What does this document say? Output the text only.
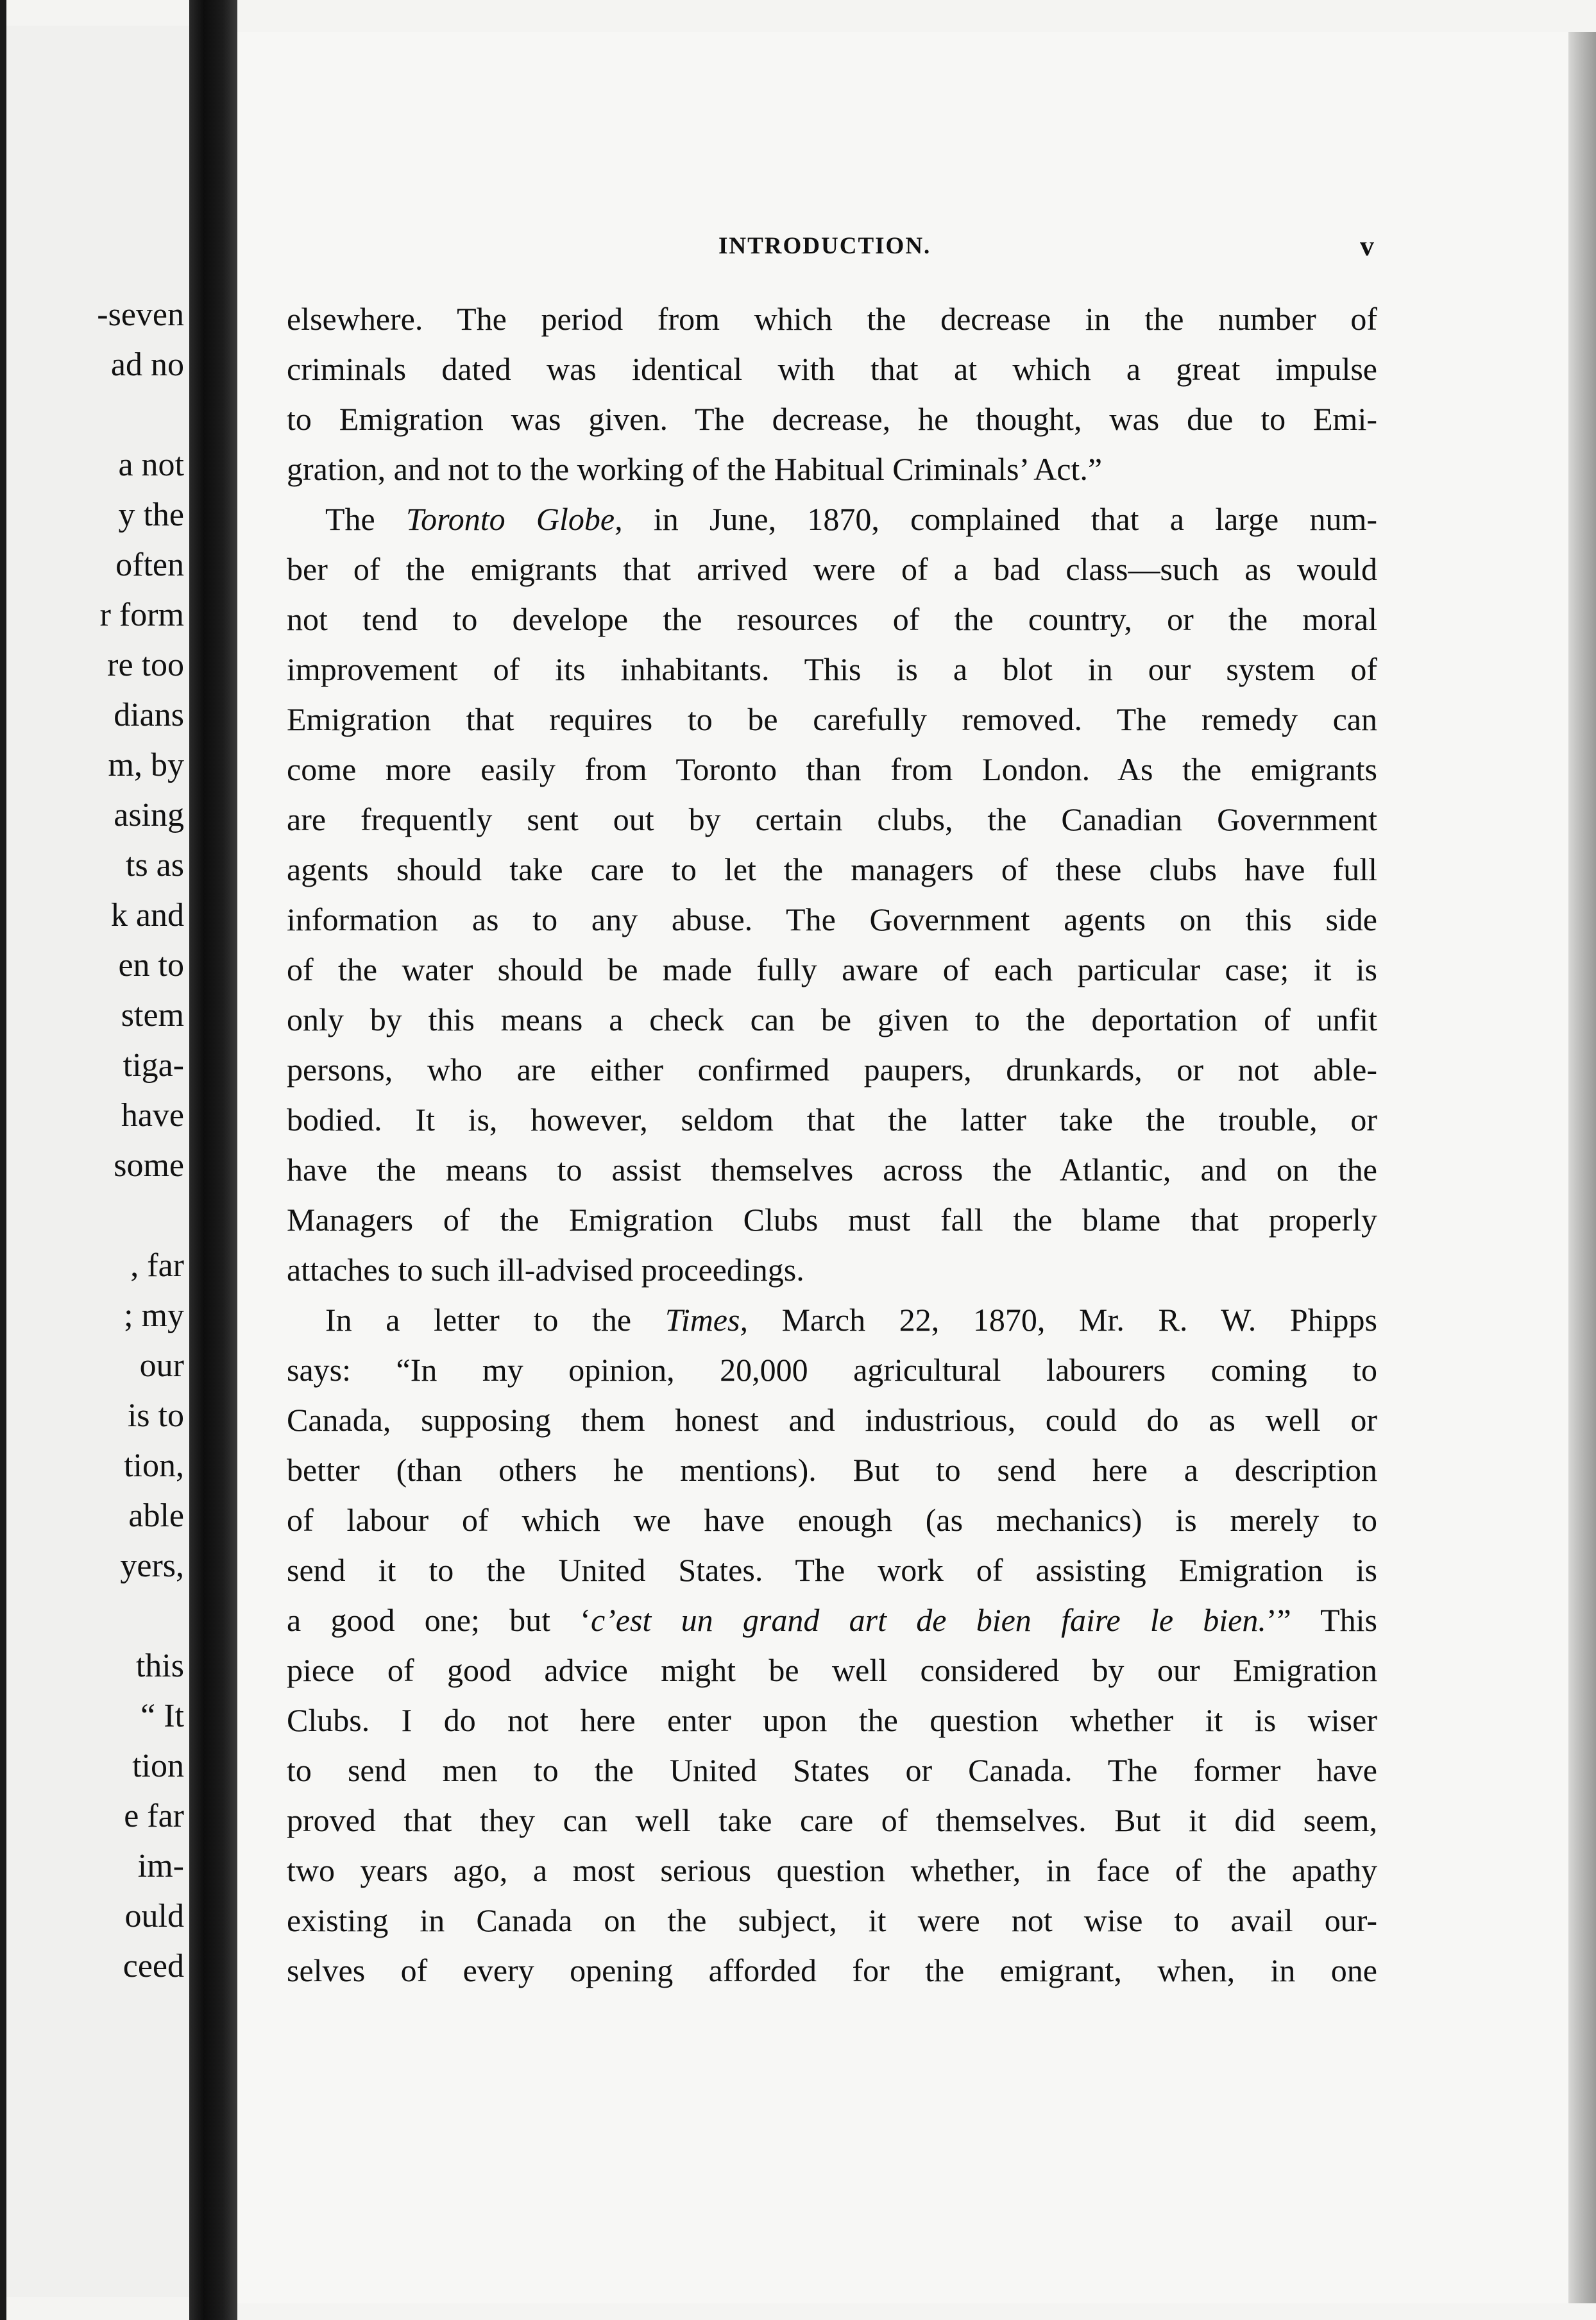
-seven
ad no
a not
y the
often
r form
re too
dians
m, by
asing
ts as
k and
en to
stem
tiga-
have
some
, far
; my
our
is to
tion,
able
yers,
this
“ It
tion
e far
im-
ould
ceed
INTRODUCTION.	v
elsewhere. The period from which the decrease in the number of
criminals dated was identical with that at which a great impulse
to Emigration was given. The decrease, he thought, was due to Emi-
gration, and not to the working of the Habitual Criminals’ Act.”
The Toronto Globe, in June, 1870, complained that a large num-
ber of the emigrants that arrived were of a bad class—such as would
not tend to develope the resources of the country, or the moral
improvement of its inhabitants. This is a blot in our system of
Emigration that requires to be carefully removed. The remedy can
come more easily from Toronto than from London. As the emigrants
are frequently sent out by certain clubs, the Canadian Government
agents should take care to let the managers of these clubs have full
information as to any abuse. The Government agents on this side
of the water should be made fully aware of each particular case; it is
only by this means a check can be given to the deportation of unfit
persons, who are either confirmed paupers, drunkards, or not able-
bodied. It is, however, seldom that the latter take the trouble, or
have the means to assist themselves across the Atlantic, and on the
Managers of the Emigration Clubs must fall the blame that properly
attaches to such ill-advised proceedings.
In a letter to the Times, March 22, 1870, Mr. R. W. Phipps
says: “In my opinion, 20,000 agricultural labourers coming to
Canada, supposing them honest and industrious, could do as well or
better (than others he mentions). But to send here a description
of labour of which we have enough (as mechanics) is merely to
send it to the United States. The work of assisting Emigration is
a good one; but ‘c’est un grand art de bien faire le bien.’” This
piece of good advice might be well considered by our Emigration
Clubs. I do not here enter upon the question whether it is wiser
to send men to the United States or Canada. The former have
proved that they can well take care of themselves. But it did seem,
two years ago, a most serious question whether, in face of the apathy
existing in Canada on the subject, it were not wise to avail our-
selves of every opening afforded for the emigrant, when, in one
